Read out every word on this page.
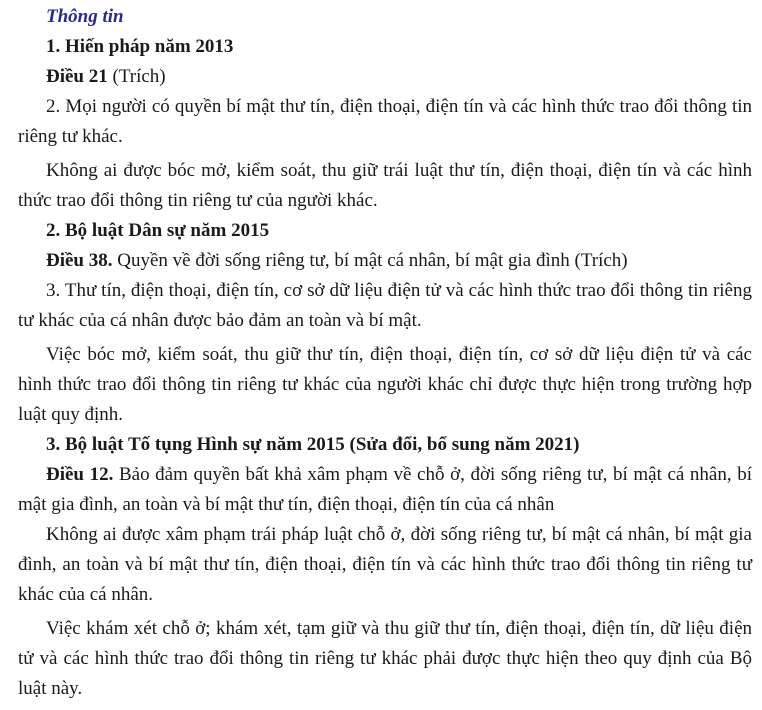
Thông tin
1. Hiến pháp năm 2013
Điều 21 (Trích)

2. Mọi người có quyền bí mật thư tín, điện thoại, điện tín và các hình thức trao đổi thông tin riêng tư khác.

Không ai được bóc mở, kiểm soát, thu giữ trái luật thư tín, điện thoại, điện tín và các hình thức trao đổi thông tin riêng tư của người khác.

2. Bộ luật Dân sự năm 2015
Điều 38. Quyền về đời sống riêng tư, bí mật cá nhân, bí mật gia đình (Trích)

3. Thư tín, điện thoại, điện tín, cơ sở dữ liệu điện tử và các hình thức trao đổi thông tin riêng tư khác của cá nhân được bảo đảm an toàn và bí mật.

Việc bóc mở, kiểm soát, thu giữ thư tín, điện thoại, điện tín, cơ sở dữ liệu điện tử và các hình thức trao đổi thông tin riêng tư khác của người khác chỉ được thực hiện trong trường hợp luật quy định.

3. Bộ luật Tố tụng Hình sự năm 2015 (Sửa đổi, bổ sung năm 2021)
Điều 12. Bảo đảm quyền bất khả xâm phạm về chỗ ở, đời sống riêng tư, bí mật cá nhân, bí mật gia đình, an toàn và bí mật thư tín, điện thoại, điện tín của cá nhân

Không ai được xâm phạm trái pháp luật chỗ ở, đời sống riêng tư, bí mật cá nhân, bí mật gia đình, an toàn và bí mật thư tín, điện thoại, điện tín và các hình thức trao đổi thông tin riêng tư khác của cá nhân.

Việc khám xét chỗ ở; khám xét, tạm giữ và thu giữ thư tín, điện thoại, điện tín, dữ liệu điện tử và các hình thức trao đổi thông tin riêng tư khác phải được thực hiện theo quy định của Bộ luật này.
